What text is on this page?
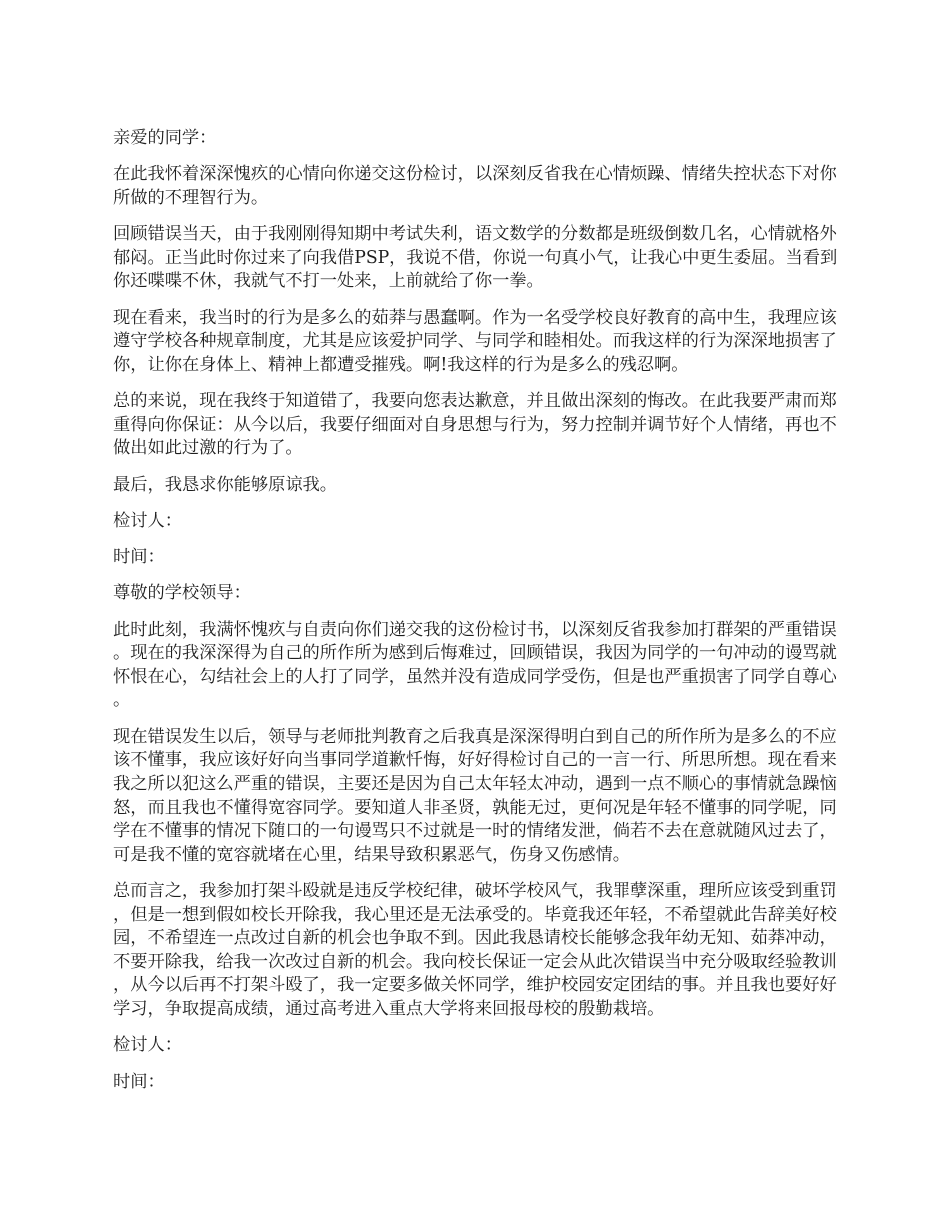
亲爱的同学：

在此我怀着深深愧疚的心情向你递交这份检讨，以深刻反省我在心情烦躁、情绪失控状态下对你所做的不理智行为。

回顾错误当天，由于我刚刚得知期中考试失利，语文数学的分数都是班级倒数几名，心情就格外郁闷。正当此时你过来了向我借PSP，我说不借，你说一句真小气，让我心中更生委屈。当看到你还喋喋不休，我就气不打一处来，上前就给了你一拳。

现在看来，我当时的行为是多么的茹莽与愚蠢啊。作为一名受学校良好教育的高中生，我理应该遵守学校各种规章制度，尤其是应该爱护同学、与同学和睦相处。而我这样的行为深深地损害了你，让你在身体上、精神上都遭受摧残。啊!我这样的行为是多么的残忍啊。

总的来说，现在我终于知道错了，我要向您表达歉意，并且做出深刻的悔改。在此我要严肃而郑重得向你保证：从今以后，我要仔细面对自身思想与行为，努力控制并调节好个人情绪，再也不做出如此过激的行为了。

最后，我恳求你能够原谅我。

检讨人：

时间：

尊敬的学校领导：

此时此刻，我满怀愧疚与自责向你们递交我的这份检讨书，以深刻反省我参加打群架的严重错误。现在的我深深得为自己的所作所为感到后悔难过，回顾错误，我因为同学的一句冲动的谩骂就怀恨在心，勾结社会上的人打了同学，虽然并没有造成同学受伤，但是也严重损害了同学自尊心。

现在错误发生以后，领导与老师批判教育之后我真是深深得明白到自己的所作所为是多么的不应该不懂事，我应该好好向当事同学道歉忏悔，好好得检讨自己的一言一行、所思所想。现在看来我之所以犯这么严重的错误，主要还是因为自己太年轻太冲动，遇到一点不顺心的事情就急躁恼怒，而且我也不懂得宽容同学。要知道人非圣贤，孰能无过，更何况是年轻不懂事的同学呢，同学在不懂事的情况下随口的一句谩骂只不过就是一时的情绪发泄，倘若不去在意就随风过去了，可是我不懂的宽容就堵在心里，结果导致积累恶气，伤身又伤感情。

总而言之，我参加打架斗殴就是违反学校纪律，破坏学校风气，我罪孽深重，理所应该受到重罚，但是一想到假如校长开除我，我心里还是无法承受的。毕竟我还年轻，不希望就此告辞美好校园，不希望连一点改过自新的机会也争取不到。因此我恳请校长能够念我年幼无知、茹莽冲动，不要开除我，给我一次改过自新的机会。我向校长保证一定会从此次错误当中充分吸取经验教训，从今以后再不打架斗殴了，我一定要多做关怀同学，维护校园安定团结的事。并且我也要好好学习，争取提高成绩，通过高考进入重点大学将来回报母校的殷勤栽培。

检讨人：

时间：
